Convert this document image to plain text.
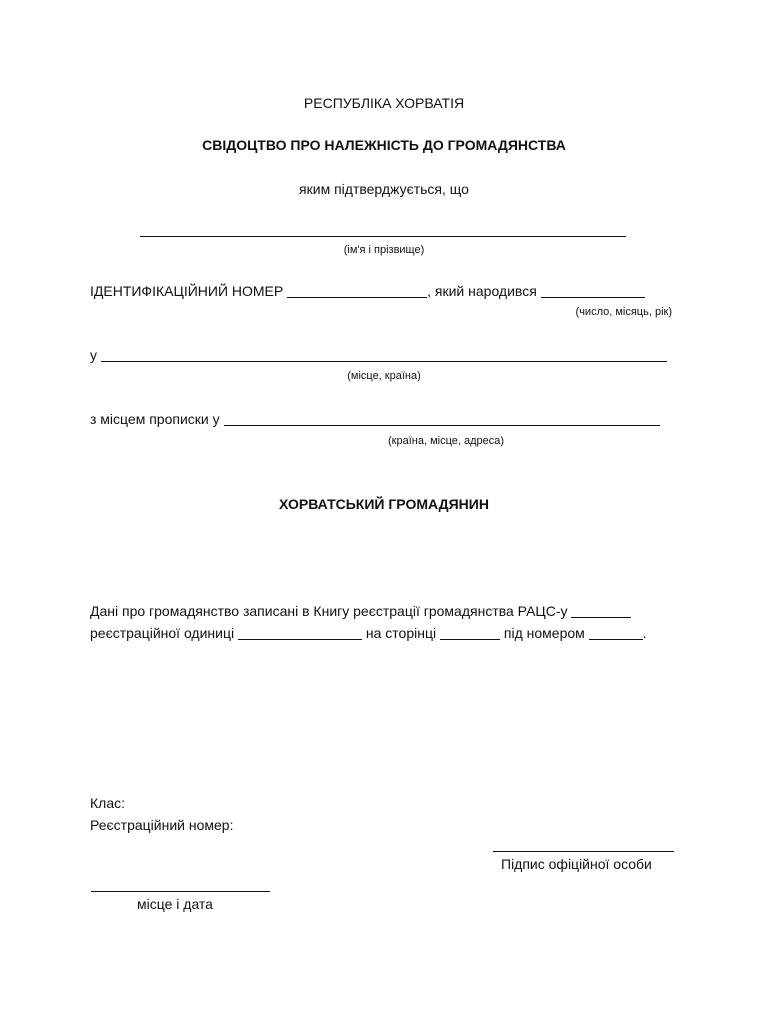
РЕСПУБЛІКА ХОРВАТІЯ
СВІДОЦТВО ПРО НАЛЕЖНІСТЬ ДО ГРОМАДЯНСТВА
яким підтверджується, що
(ім'я і прізвище)
ІДЕНТИФІКАЦІЙНИЙ НОМЕР	, який народився
(число, місяць, рік)
у
(місце, країна)
з місцем прописки у
(країна, місце, адреса)
ХОРВАТСЬКИЙ ГРОМАДЯНИН
Дані про громадянство записані в Книгу реєстрації громадянства РАЦС-у
реєстраційної одиниці	на сторінці	під номером	.
Клас:
Реєстраційний номер:
Підпис офіційної особи
місце і дата
